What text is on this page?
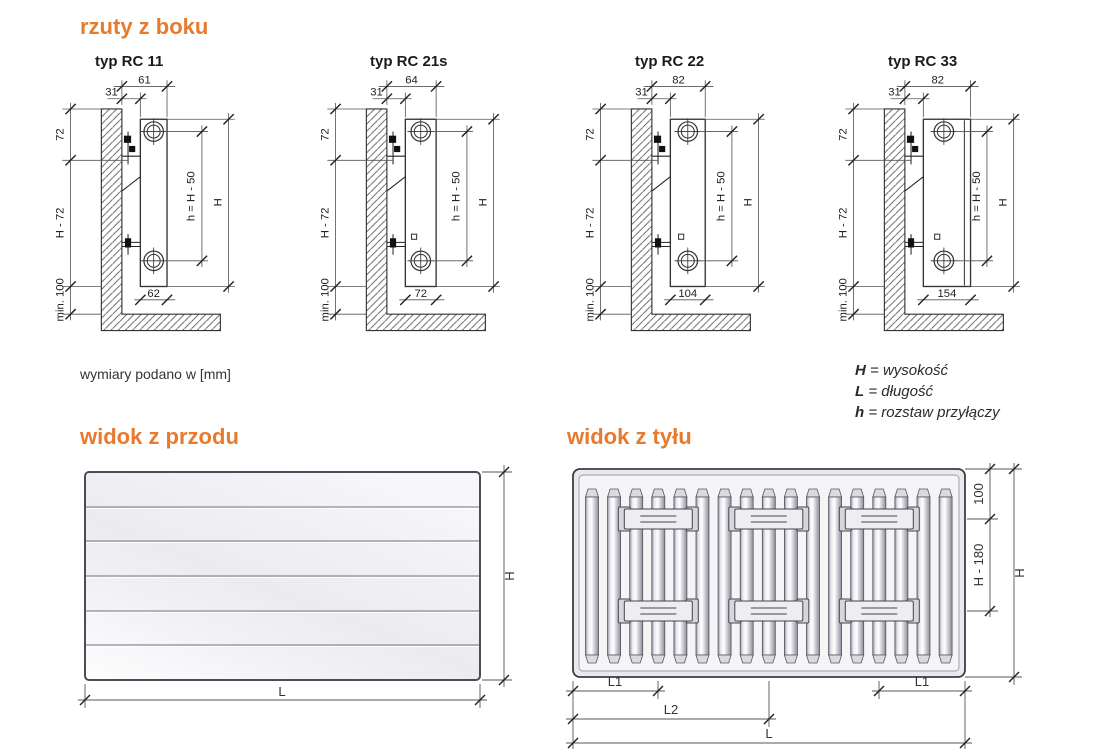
rzuty z boku
typ RC 11	typ RC 21s	typ RC 22	typ RC 33
61
31
72
H - 72
min. 100
h = H - 50 H
62
64
31
72
H - 72
min. 100
h = H - 50 H
72
82
31
72
H - 72
min. 100
h = H - 50 H
104
82
31
72
H - 72
min. 100
h = H - 50 H
154
wymiary podano w [mm]	H = wysokość
L = długość
h = rozstaw przyłączy
widok z przodu	widok z tyłu
H
L
100
H - 180 H
L1	L1
L2
L
